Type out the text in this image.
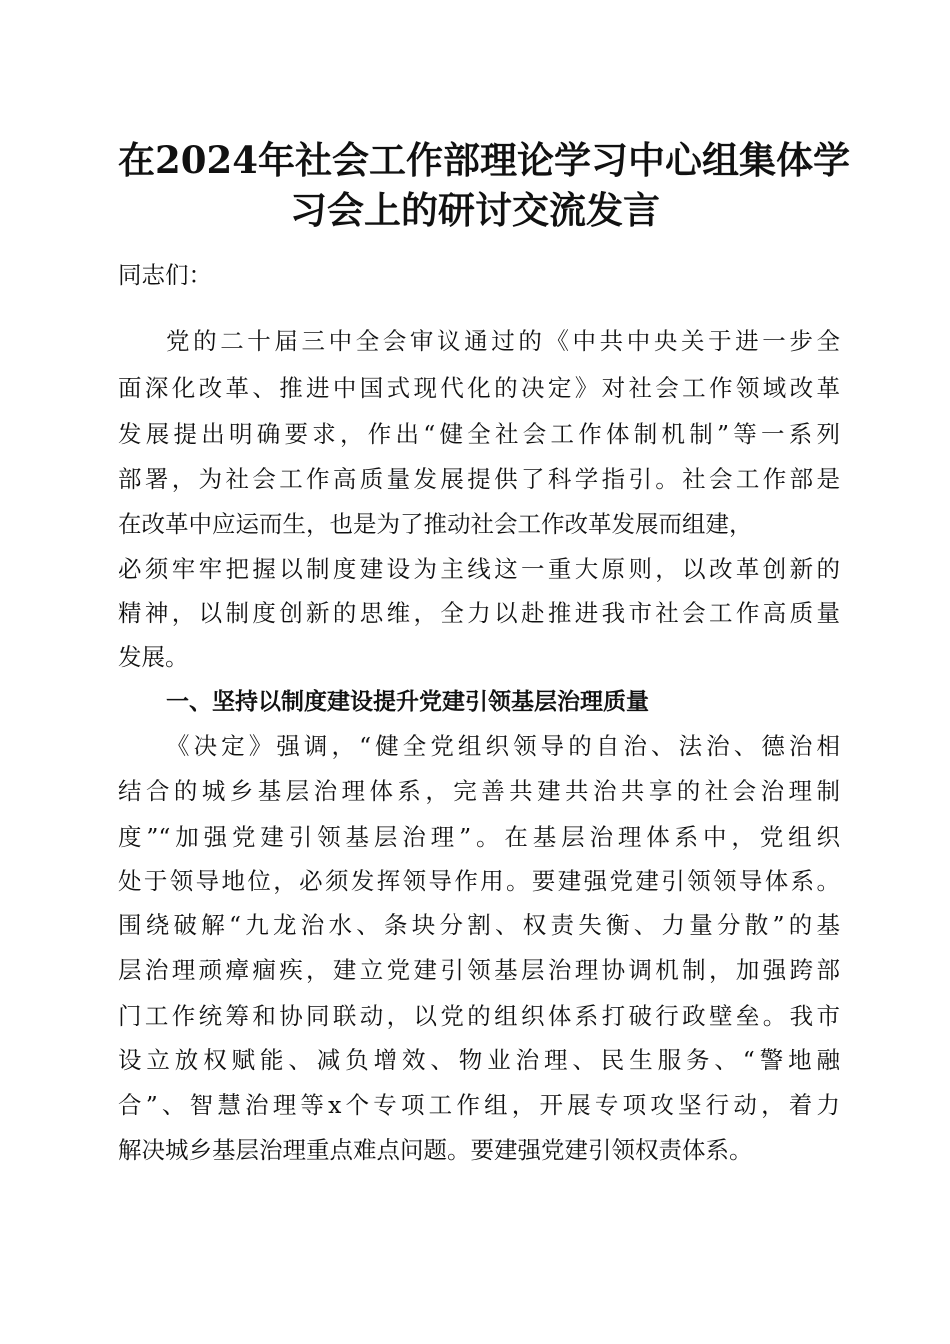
在2024年社会工作部理论学习中心组集体学
习会上的研讨交流发言
同志们：
党的二十届三中全会审议通过的《中共中央关于进一步全
面深化改革、推进中国式现代化的决定》对社会工作领域改革
发展提出明确要求，作出“健全社会工作体制机制”等一系列
部署，为社会工作高质量发展提供了科学指引。社会工作部是
在改革中应运而生，也是为了推动社会工作改革发展而组建，
必须牢牢把握以制度建设为主线这一重大原则，以改革创新的
精神，以制度创新的思维，全力以赴推进我市社会工作高质量
发展。
一、坚持以制度建设提升党建引领基层治理质量
《决定》强调，“健全党组织领导的自治、法治、德治相
结合的城乡基层治理体系，完善共建共治共享的社会治理制
度”“加强党建引领基层治理”。在基层治理体系中，党组织
处于领导地位，必须发挥领导作用。要建强党建引领领导体系。
围绕破解“九龙治水、条块分割、权责失衡、力量分散”的基
层治理顽瘴痼疾，建立党建引领基层治理协调机制，加强跨部
门工作统筹和协同联动，以党的组织体系打破行政壁垒。我市
设立放权赋能、减负增效、物业治理、民生服务、“警地融
合”、智慧治理等x个专项工作组，开展专项攻坚行动，着力
解决城乡基层治理重点难点问题。要建强党建引领权责体系。
